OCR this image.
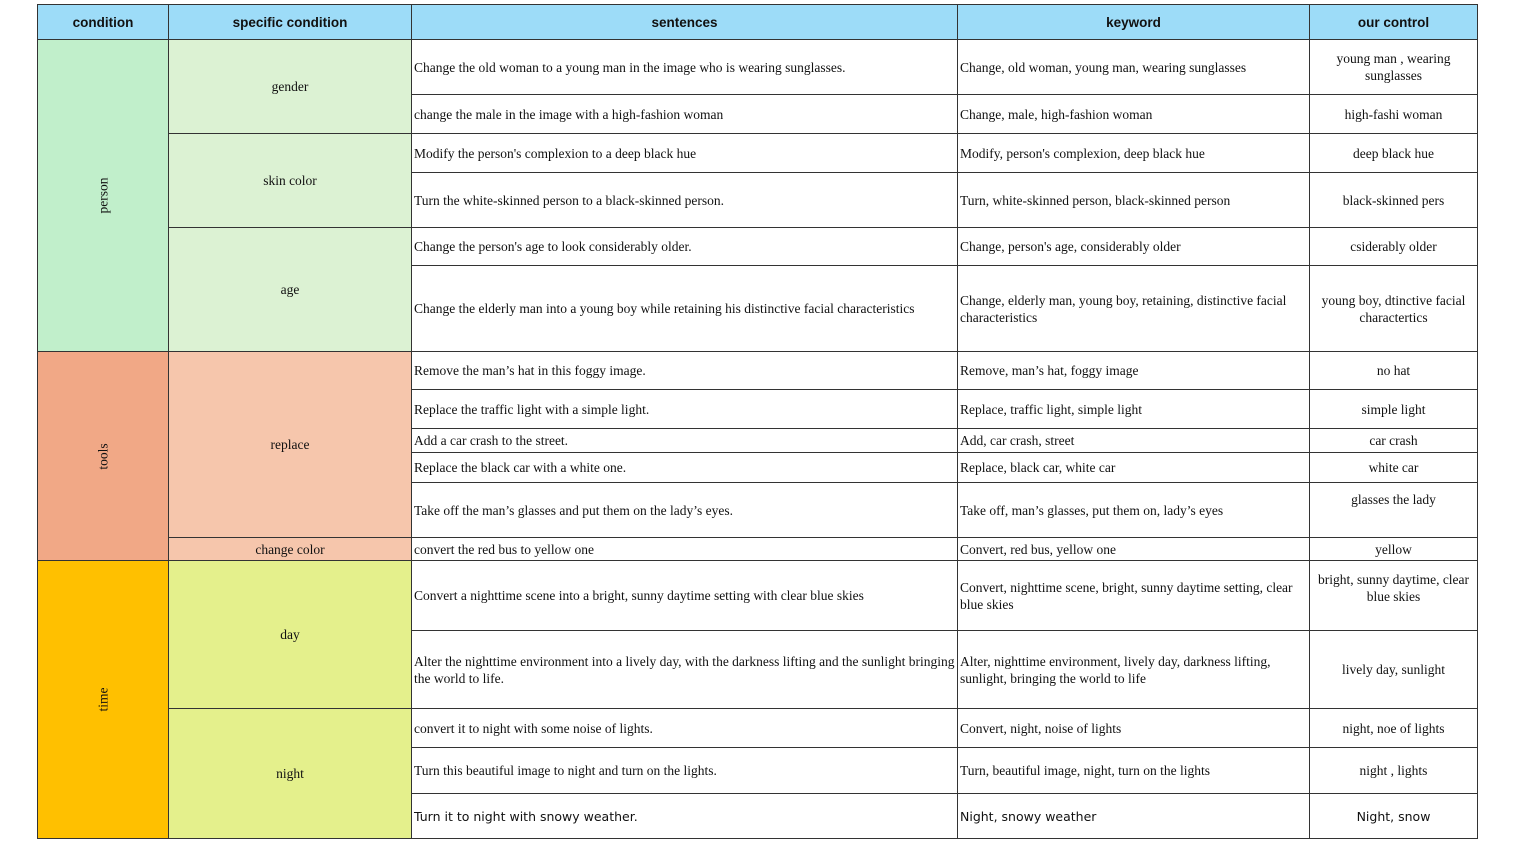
condition	specific condition	sentences	keyword	our control
person	gender	Change the old woman to a young man in the image who is wearing sunglasses.	Change, old woman, young man, wearing sunglasses	young man , wearing sunglasses
		change the male in the image with a high-fashion woman	Change, male, high-fashion woman	high-fashi woman
	skin color	Modify the person's complexion to a deep black hue	Modify, person's complexion, deep black hue	deep black hue
		Turn the white-skinned person to a black-skinned person.	Turn, white-skinned person, black-skinned person	black-skinned pers
	age	Change the person's age to look considerably older.	Change, person's age, considerably older	csiderably older
		Change the elderly man into a young boy while retaining his distinctive facial characteristics	Change, elderly man, young boy, retaining, distinctive facial characteristics	young boy, dtinctive facial charactertics
tools	replace	Remove the man’s hat in this foggy image.	Remove, man’s hat, foggy image	no hat
		Replace the traffic light with a simple light.	Replace, traffic light, simple light	simple light
		Add a car crash to the street.	Add, car crash, street	car crash
		Replace the black car with a white one.	Replace, black car, white car	white car
		Take off the man’s glasses and put them on the lady’s eyes.	Take off, man’s glasses, put them on, lady’s eyes	glasses the lady
	change color	convert the red bus to yellow one	Convert, red bus, yellow one	yellow
time	day	Convert a nighttime scene into a bright, sunny daytime setting with clear blue skies	Convert, nighttime scene, bright, sunny daytime setting, clear blue skies	bright, sunny daytime, clear blue skies
		Alter the nighttime environment into a lively day, with the darkness lifting and the sunlight bringing the world to life.	Alter, nighttime environment, lively day, darkness lifting, sunlight, bringing the world to life	lively day, sunlight
	night	convert it to night with some noise of lights.	Convert, night, noise of lights	night, noe of lights
		Turn this beautiful image to night and turn on the lights.	Turn, beautiful image, night, turn on the lights	night , lights
		Turn it to night with snowy weather.	Night, snowy weather	Night, snow
